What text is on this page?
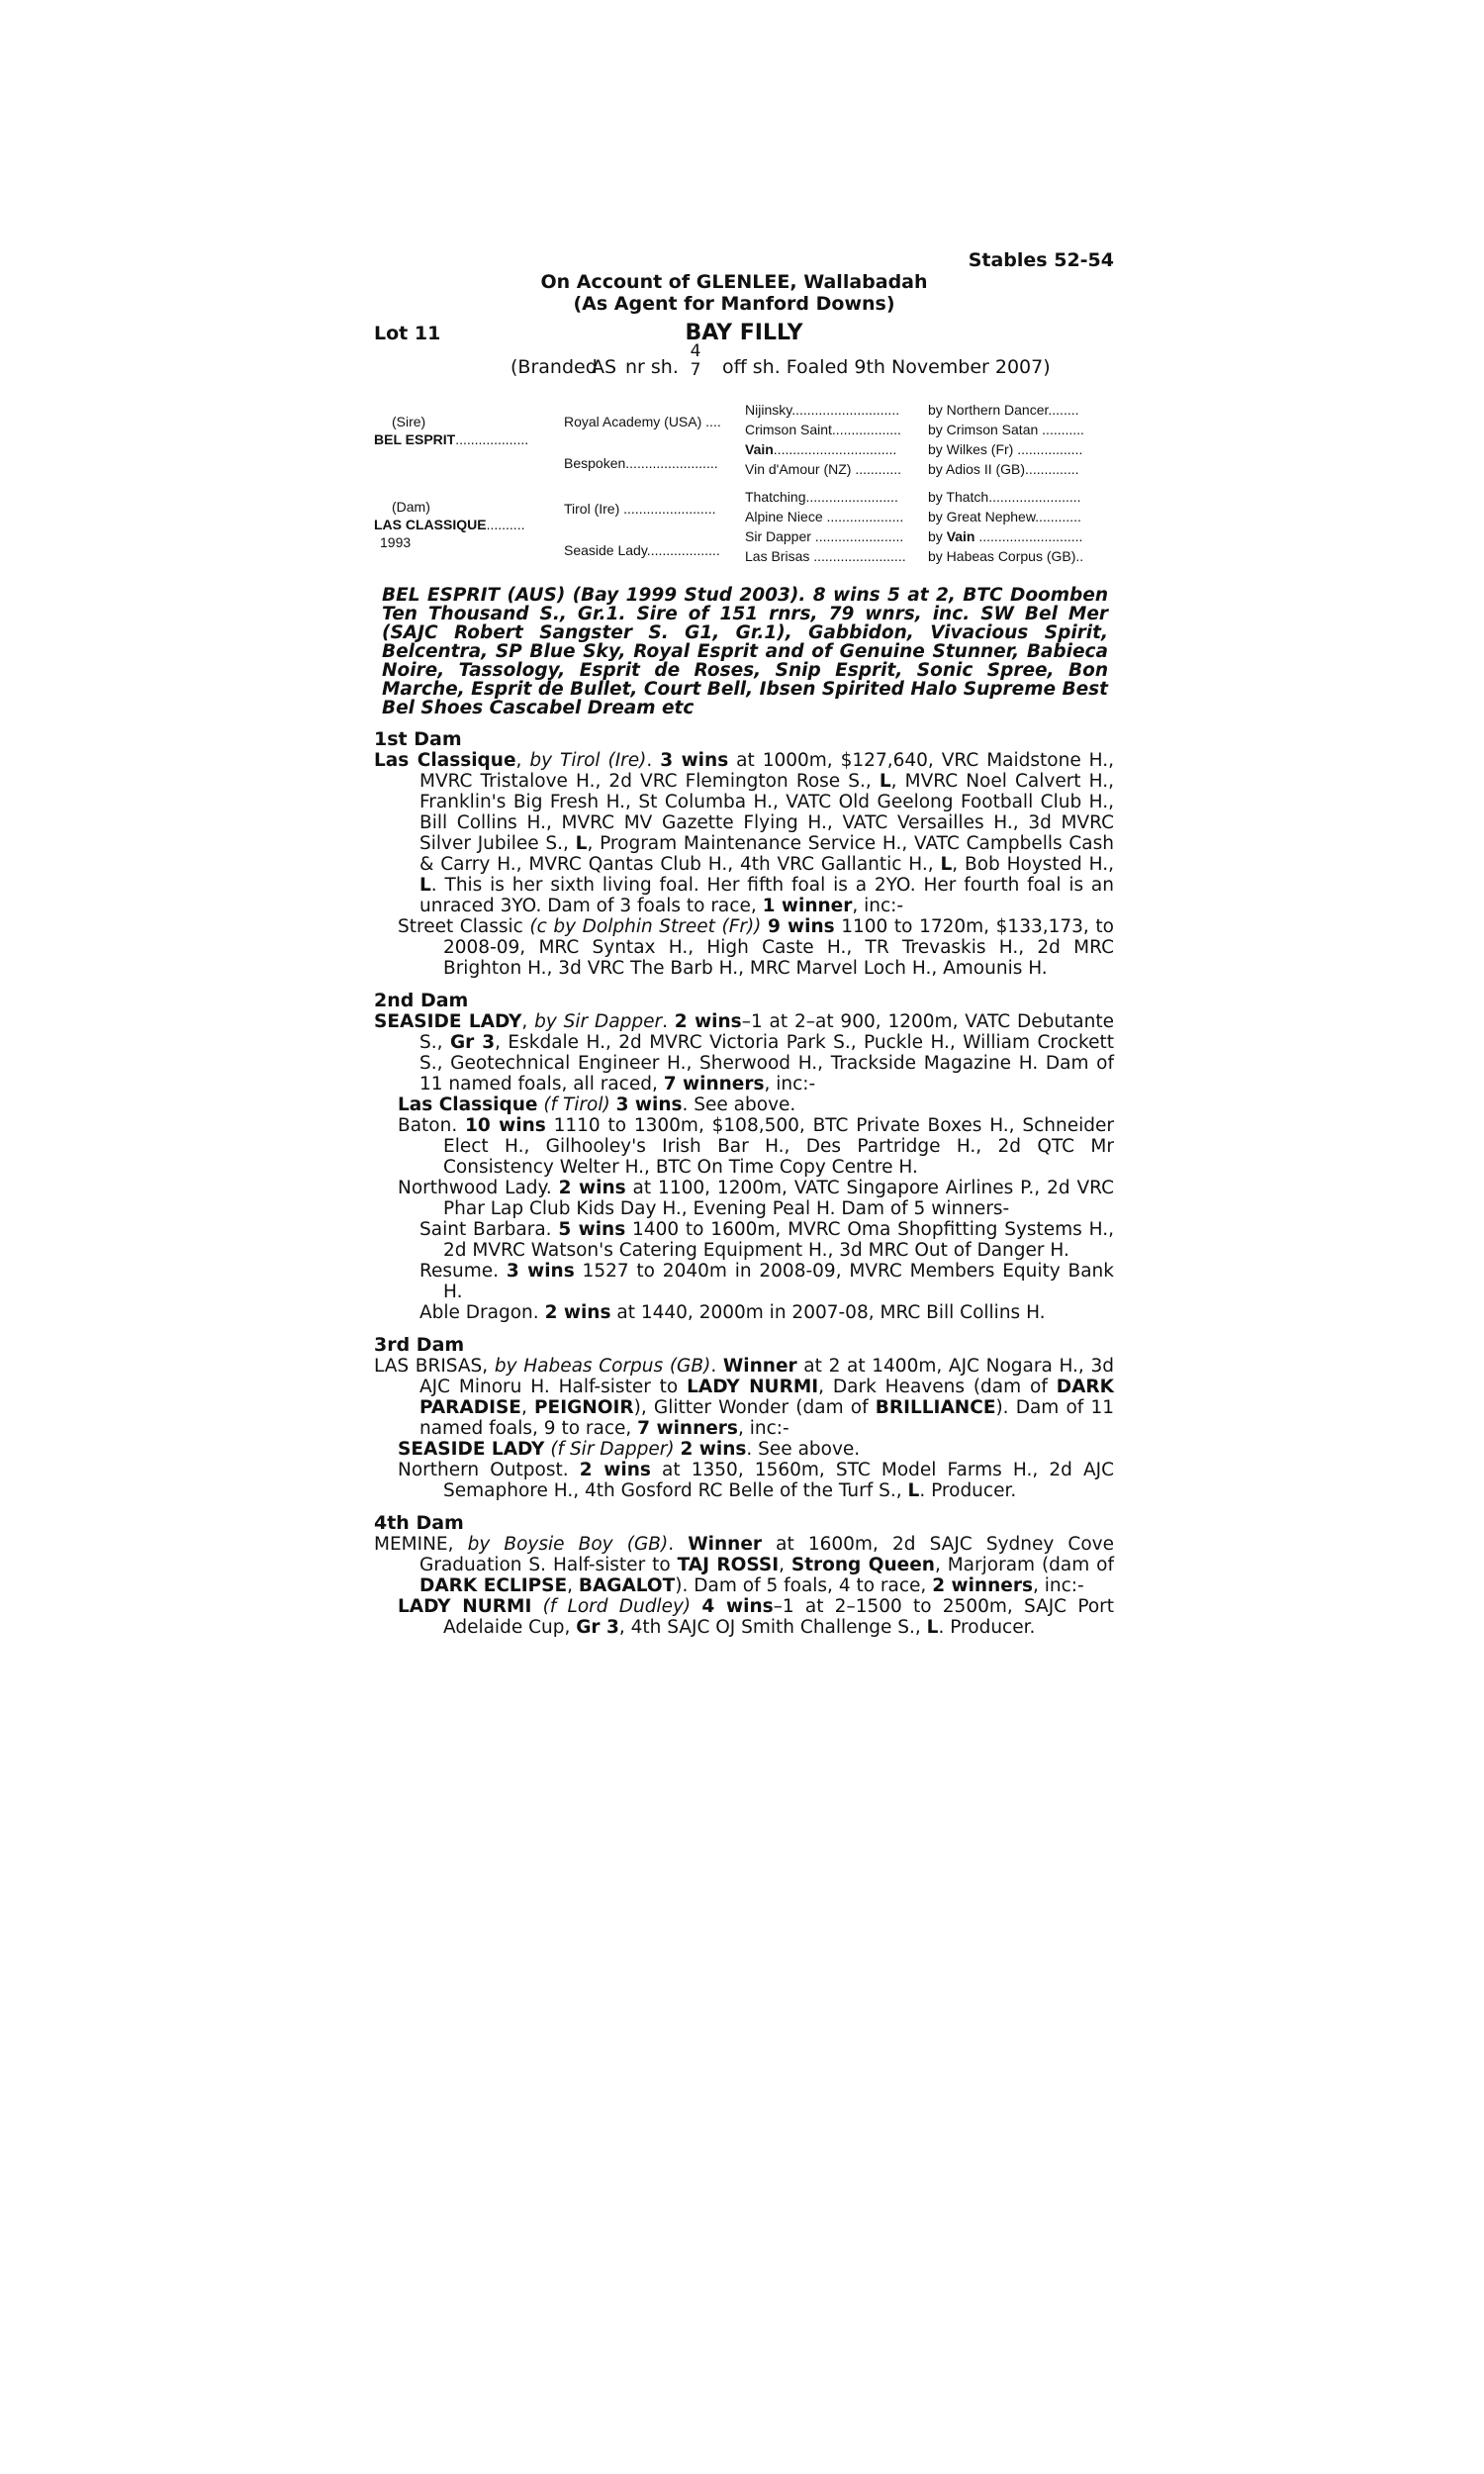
Stables 52-54
On Account of GLENLEE, Wallabadah
(As Agent for Manford Downs)
Lot 11	BAY FILLY
(Branded
AS nr sh.
4
7 off sh. Foaled 9th November 2007)
(Sire)
BEL ESPRIT...................
(Dam)
LAS CLASSIQUE..........
1993
Royal Academy (USA) ....
Bespoken........................
Tirol (Ire) ........................
Seaside Lady...................
Nijinsky............................
Crimson Saint..................
Vain................................
Vin d'Amour (NZ) ............
Thatching........................
Alpine Niece ....................
Sir Dapper .......................
Las Brisas ........................
by Northern Dancer........
by Crimson Satan ...........
by Wilkes (Fr) .................
by Adios II (GB)..............
by Thatch........................
by Great Nephew............
by Vain ...........................
by Habeas Corpus (GB)..
BEL ESPRIT (AUS) (Bay 1999 Stud 2003). 8 wins 5 at 2, BTC Doomben Ten Thousand S., Gr.1. Sire of 151 rnrs, 79 wnrs, inc. SW Bel Mer (SAJC Robert Sangster S. G1, Gr.1), Gabbidon, Vivacious Spirit, Belcentra, SP Blue Sky, Royal Esprit and of Genuine Stunner, Babieca Noire, Tassology, Esprit de Roses, Snip Esprit, Sonic Spree, Bon Marche, Esprit de Bullet, Court Bell, Ibsen Spirited Halo Supreme Best Bel Shoes Cascabel Dream etc
1st Dam
Las Classique, by Tirol (Ire). 3 wins at 1000m, $127,640, VRC Maidstone H., MVRC Tristalove H., 2d VRC Flemington Rose S., L, MVRC Noel Calvert H., Franklin's Big Fresh H., St Columba H., VATC Old Geelong Football Club H., Bill Collins H., MVRC MV Gazette Flying H., VATC Versailles H., 3d MVRC Silver Jubilee S., L, Program Maintenance Service H., VATC Campbells Cash & Carry H., MVRC Qantas Club H., 4th VRC Gallantic H., L, Bob Hoysted H., L. This is her sixth living foal. Her fifth foal is a 2YO. Her fourth foal is an unraced 3YO. Dam of 3 foals to race, 1 winner, inc:-
Street Classic (c by Dolphin Street (Fr)) 9 wins 1100 to 1720m, $133,173, to 2008-09, MRC Syntax H., High Caste H., TR Trevaskis H., 2d MRC Brighton H., 3d VRC The Barb H., MRC Marvel Loch H., Amounis H.
2nd Dam
SEASIDE LADY, by Sir Dapper. 2 wins–1 at 2–at 900, 1200m, VATC Debutante S., Gr 3, Eskdale H., 2d MVRC Victoria Park S., Puckle H., William Crockett S., Geotechnical Engineer H., Sherwood H., Trackside Magazine H. Dam of 11 named foals, all raced, 7 winners, inc:-
Las Classique (f Tirol) 3 wins. See above.
Baton. 10 wins 1110 to 1300m, $108,500, BTC Private Boxes H., Schneider Elect H., Gilhooley's Irish Bar H., Des Partridge H., 2d QTC Mr Consistency Welter H., BTC On Time Copy Centre H.
Northwood Lady. 2 wins at 1100, 1200m, VATC Singapore Airlines P., 2d VRC Phar Lap Club Kids Day H., Evening Peal H. Dam of 5 winners-
Saint Barbara. 5 wins 1400 to 1600m, MVRC Oma Shopfitting Systems H., 2d MVRC Watson's Catering Equipment H., 3d MRC Out of Danger H.
Resume. 3 wins 1527 to 2040m in 2008-09, MVRC Members Equity Bank H.
Able Dragon. 2 wins at 1440, 2000m in 2007-08, MRC Bill Collins H.
3rd Dam
LAS BRISAS, by Habeas Corpus (GB). Winner at 2 at 1400m, AJC Nogara H., 3d AJC Minoru H. Half-sister to LADY NURMI, Dark Heavens (dam of DARK PARADISE, PEIGNOIR), Glitter Wonder (dam of BRILLIANCE). Dam of 11 named foals, 9 to race, 7 winners, inc:-
SEASIDE LADY (f Sir Dapper) 2 wins. See above.
Northern Outpost. 2 wins at 1350, 1560m, STC Model Farms H., 2d AJC Semaphore H., 4th Gosford RC Belle of the Turf S., L. Producer.
4th Dam
MEMINE, by Boysie Boy (GB). Winner at 1600m, 2d SAJC Sydney Cove Graduation S. Half-sister to TAJ ROSSI, Strong Queen, Marjoram (dam of DARK ECLIPSE, BAGALOT). Dam of 5 foals, 4 to race, 2 winners, inc:-
LADY NURMI (f Lord Dudley) 4 wins–1 at 2–1500 to 2500m, SAJC Port Adelaide Cup, Gr 3, 4th SAJC OJ Smith Challenge S., L. Producer.
